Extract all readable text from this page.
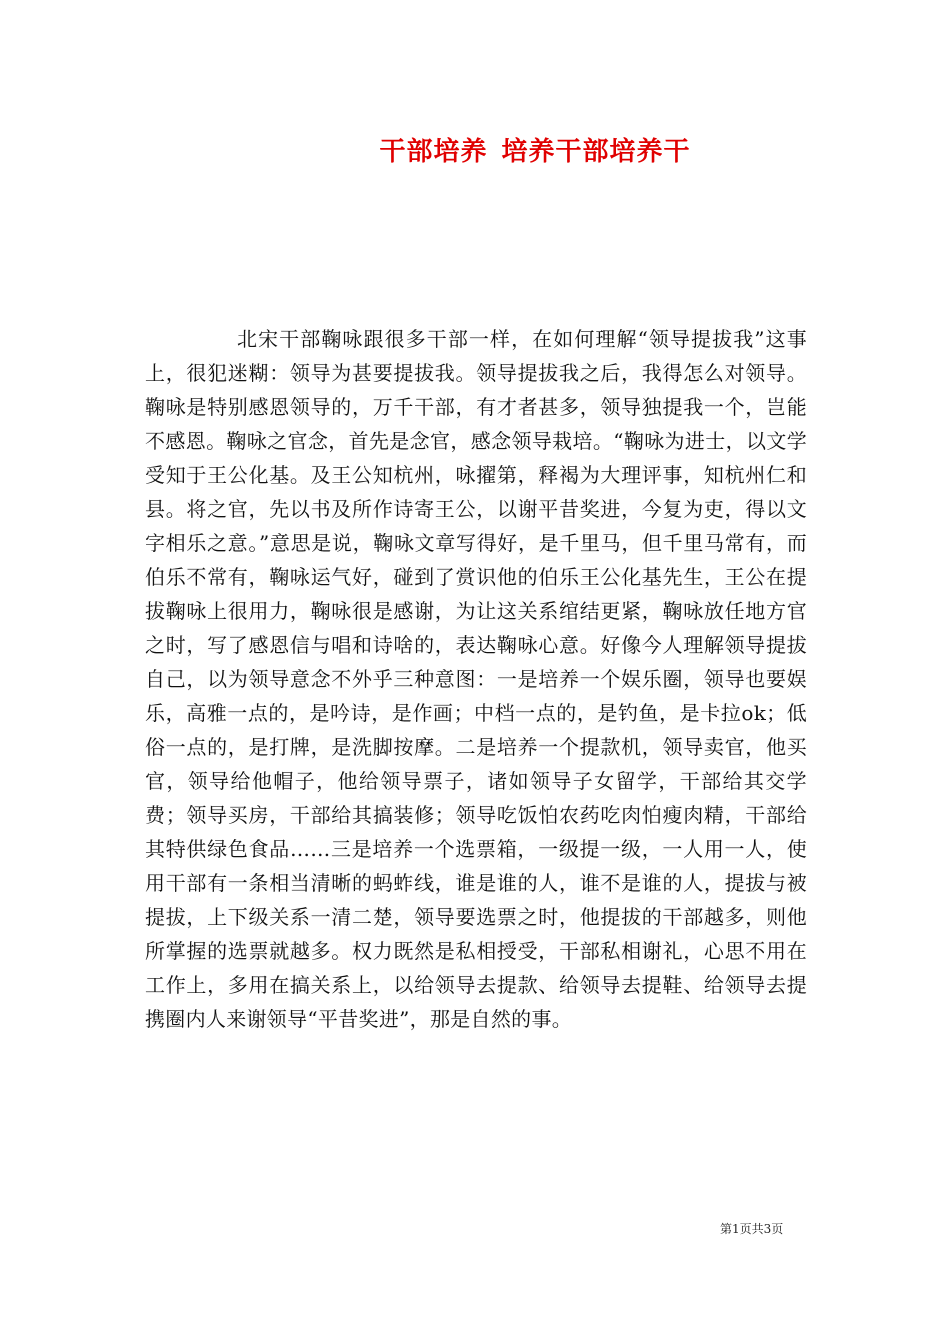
干部培养 培养干部培养干

北宋干部鞠咏跟很多干部一样，在如何理解“领导提拔我”这事上，很犯迷糊：领导为甚要提拔我。领导提拔我之后，我得怎么对领导。鞠咏是特别感恩领导的，万千干部，有才者甚多，领导独提我一个，岂能不感恩。鞠咏之官念，首先是念官，感念领导栽培。“鞠咏为进士，以文学受知于王公化基。及王公知杭州，咏擢第，释褐为大理评事，知杭州仁和县。将之官，先以书及所作诗寄王公，以谢平昔奖进，今复为吏，得以文字相乐之意。”意思是说，鞠咏文章写得好，是千里马，但千里马常有，而伯乐不常有，鞠咏运气好，碰到了赏识他的伯乐王公化基先生，王公在提拔鞠咏上很用力，鞠咏很是感谢，为让这关系绾结更紧，鞠咏放任地方官之时，写了感恩信与唱和诗啥的，表达鞠咏心意。好像今人理解领导提拔自己，以为领导意念不外乎三种意图：一是培养一个娱乐圈，领导也要娱乐，高雅一点的，是吟诗，是作画；中档一点的，是钓鱼，是卡拉ok；低俗一点的，是打牌，是洗脚按摩。二是培养一个提款机，领导卖官，他买官，领导给他帽子，他给领导票子，诸如领导子女留学，干部给其交学费；领导买房，干部给其搞装修；领导吃饭怕农药吃肉怕瘦肉精，干部给其特供绿色食品……三是培养一个选票箱，一级提一级，一人用一人，使用干部有一条相当清晰的蚂蚱线，谁是谁的人，谁不是谁的人，提拔与被提拔，上下级关系一清二楚，领导要选票之时，他提拔的干部越多，则他所掌握的选票就越多。权力既然是私相授受，干部私相谢礼，心思不用在工作上，多用在搞关系上，以给领导去提款、给领导去提鞋、给领导去提携圈内人来谢领导“平昔奖进”，那是自然的事。

第1页共3页
